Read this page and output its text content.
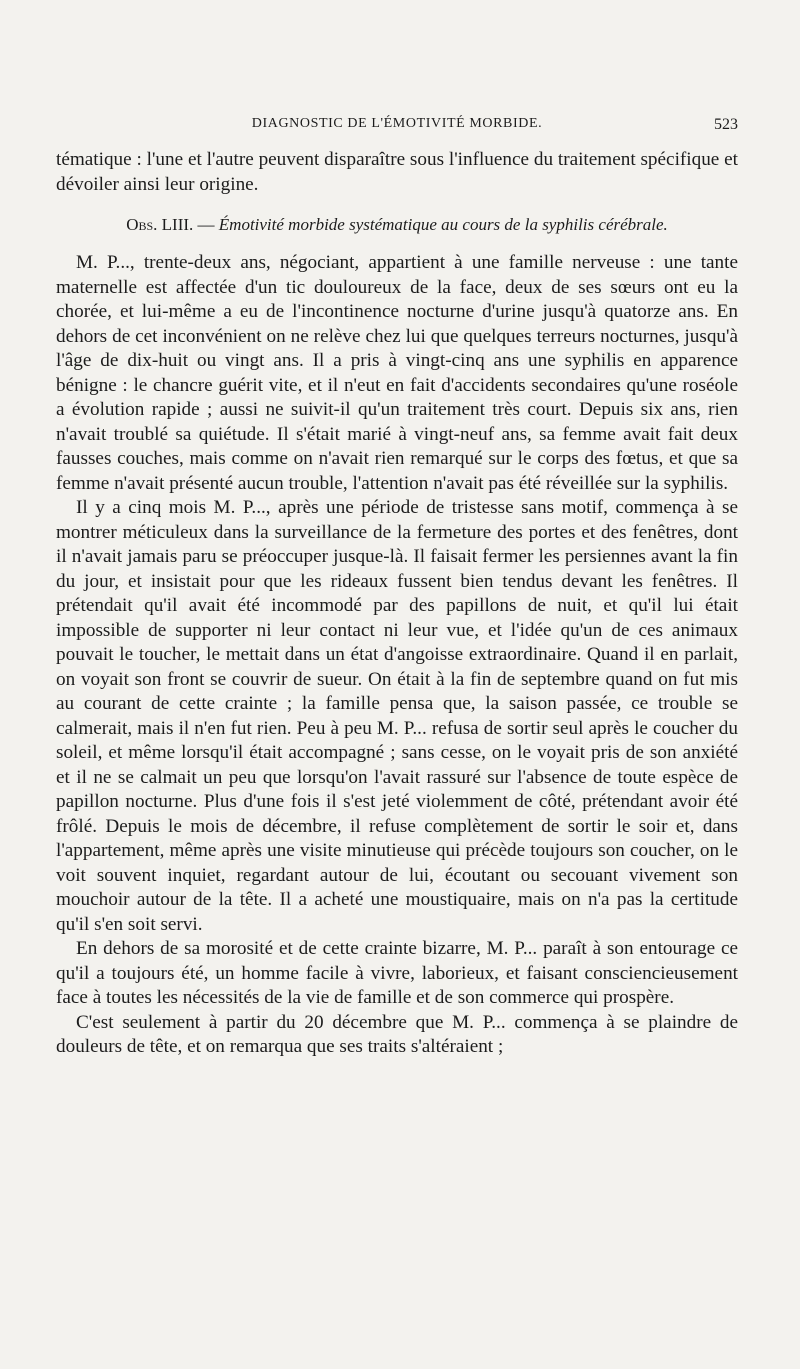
DIAGNOSTIC DE L'ÉMOTIVITÉ MORBIDE.	523

tématique : l'une et l'autre peuvent disparaître sous l'influence du traitement spécifique et dévoiler ainsi leur origine.

Obs. LIII. — Émotivité morbide systématique au cours de la syphilis cérébrale.

M. P..., trente-deux ans, négociant, appartient à une famille nerveuse : une tante maternelle est affectée d'un tic douloureux de la face, deux de ses sœurs ont eu la chorée, et lui-même a eu de l'incontinence nocturne d'urine jusqu'à quatorze ans. En dehors de cet inconvénient on ne relève chez lui que quelques terreurs nocturnes, jusqu'à l'âge de dix-huit ou vingt ans. Il a pris à vingt-cinq ans une syphilis en apparence bénigne : le chancre guérit vite, et il n'eut en fait d'accidents secondaires qu'une roséole a évolution rapide ; aussi ne suivit-il qu'un traitement très court. Depuis six ans, rien n'avait troublé sa quiétude. Il s'était marié à vingt-neuf ans, sa femme avait fait deux fausses couches, mais comme on n'avait rien remarqué sur le corps des fœtus, et que sa femme n'avait présenté aucun trouble, l'attention n'avait pas été réveillée sur la syphilis.

Il y a cinq mois M. P..., après une période de tristesse sans motif, commença à se montrer méticuleux dans la surveillance de la fermeture des portes et des fenêtres, dont il n'avait jamais paru se préoccuper jusque-là. Il faisait fermer les persiennes avant la fin du jour, et insistait pour que les rideaux fussent bien tendus devant les fenêtres. Il prétendait qu'il avait été incommodé par des papillons de nuit, et qu'il lui était impossible de supporter ni leur contact ni leur vue, et l'idée qu'un de ces animaux pouvait le toucher, le mettait dans un état d'angoisse extraordinaire. Quand il en parlait, on voyait son front se couvrir de sueur. On était à la fin de septembre quand on fut mis au courant de cette crainte ; la famille pensa que, la saison passée, ce trouble se calmerait, mais il n'en fut rien. Peu à peu M. P... refusa de sortir seul après le coucher du soleil, et même lorsqu'il était accompagné ; sans cesse, on le voyait pris de son anxiété et il ne se calmait un peu que lorsqu'on l'avait rassuré sur l'absence de toute espèce de papillon nocturne. Plus d'une fois il s'est jeté violemment de côté, prétendant avoir été frôlé. Depuis le mois de décembre, il refuse complètement de sortir le soir et, dans l'appartement, même après une visite minutieuse qui précède toujours son coucher, on le voit souvent inquiet, regardant autour de lui, écoutant ou secouant vivement son mouchoir autour de la tête. Il a acheté une moustiquaire, mais on n'a pas la certitude qu'il s'en soit servi.

En dehors de sa morosité et de cette crainte bizarre, M. P... paraît à son entourage ce qu'il a toujours été, un homme facile à vivre, laborieux, et faisant consciencieusement face à toutes les nécessités de la vie de famille et de son commerce qui prospère.

C'est seulement à partir du 20 décembre que M. P... commença à se plaindre de douleurs de tête, et on remarqua que ses traits s'altéraient ;
